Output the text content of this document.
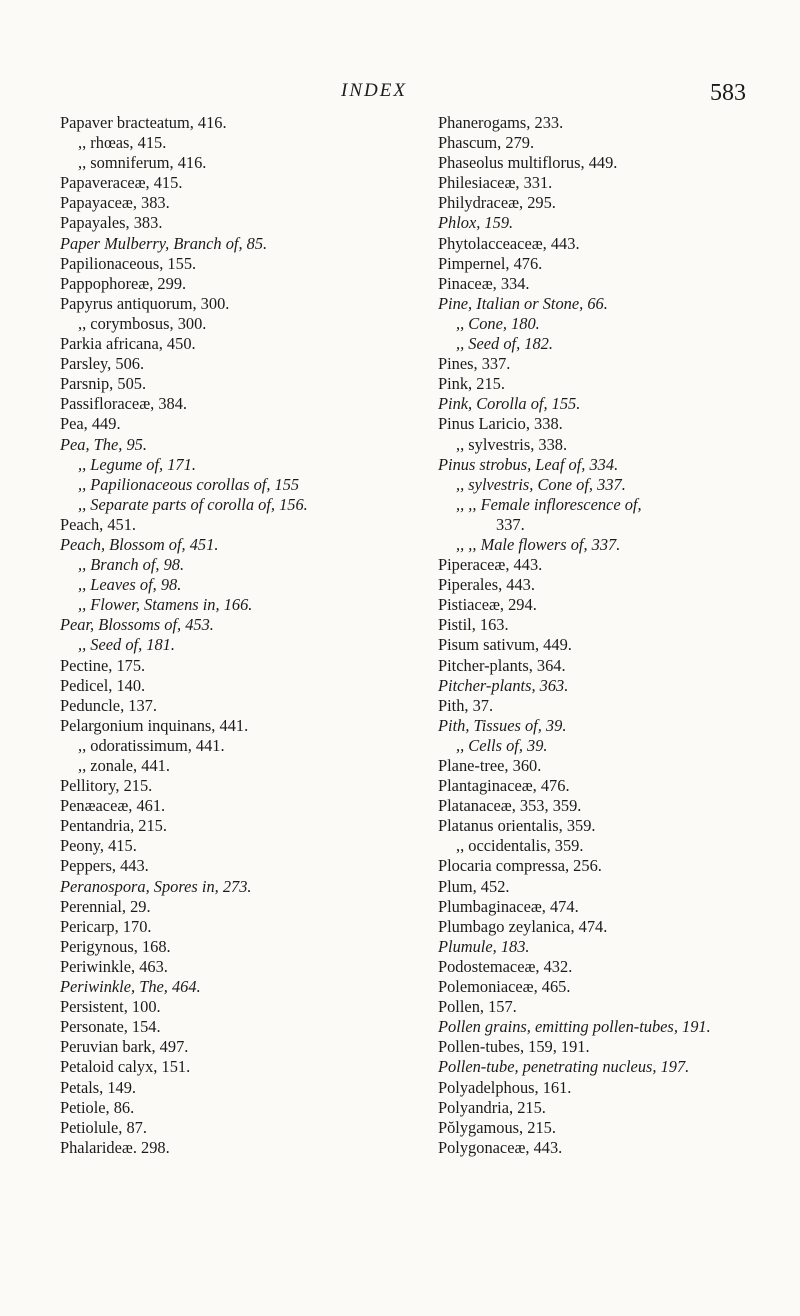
INDEX	583
Papaver bracteatum, 416.
,, rhœas, 415.
,, somniferum, 416.
Papaveraceæ, 415.
Papayaceæ, 383.
Papayales, 383.
Paper Mulberry, Branch of, 85.
Papilionaceous, 155.
Pappophoreæ, 299.
Papyrus antiquorum, 300.
,, corymbosus, 300.
Parkia africana, 450.
Parsley, 506.
Parsnip, 505.
Passifloraceæ, 384.
Pea, 449.
Pea, The, 95.
,, Legume of, 171.
,, Papilionaceous corollas of, 155
,, Separate parts of corolla of, 156.
Peach, 451.
Peach, Blossom of, 451.
,, Branch of, 98.
,, Leaves of, 98.
,, Flower, Stamens in, 166.
Pear, Blossoms of, 453.
,, Seed of, 181.
Pectine, 175.
Pedicel, 140.
Peduncle, 137.
Pelargonium inquinans, 441.
,, odoratissimum, 441.
,, zonale, 441.
Pellitory, 215.
Penæaceæ, 461.
Pentandria, 215.
Peony, 415.
Peppers, 443.
Peranospora, Spores in, 273.
Perennial, 29.
Pericarp, 170.
Perigynous, 168.
Periwinkle, 463.
Periwinkle, The, 464.
Persistent, 100.
Personate, 154.
Peruvian bark, 497.
Petaloid calyx, 151.
Petals, 149.
Petiole, 86.
Petiolule, 87.
Phalarideæ. 298.
Phanerogams, 233.
Phascum, 279.
Phaseolus multiflorus, 449.
Philesiaceæ, 331.
Philydraceæ, 295.
Phlox, 159.
Phytolacceaceæ, 443.
Pimpernel, 476.
Pinaceæ, 334.
Pine, Italian or Stone, 66.
,, Cone, 180.
,, Seed of, 182.
Pines, 337.
Pink, 215.
Pink, Corolla of, 155.
Pinus Laricio, 338.
,, sylvestris, 338.
Pinus strobus, Leaf of, 334.
,, sylvestris, Cone of, 337.
,, ,, Female inflorescence of,
337.
,, ,, Male flowers of, 337.
Piperaceæ, 443.
Piperales, 443.
Pistiaceæ, 294.
Pistil, 163.
Pisum sativum, 449.
Pitcher-plants, 364.
Pitcher-plants, 363.
Pith, 37.
Pith, Tissues of, 39.
,, Cells of, 39.
Plane-tree, 360.
Plantaginaceæ, 476.
Platanaceæ, 353, 359.
Platanus orientalis, 359.
,, occidentalis, 359.
Plocaria compressa, 256.
Plum, 452.
Plumbaginaceæ, 474.
Plumbago zeylanica, 474.
Plumule, 183.
Podostemaceæ, 432.
Polemoniaceæ, 465.
Pollen, 157.
Pollen grains, emitting pollen-tubes, 191.
Pollen-tubes, 159, 191.
Pollen-tube, penetrating nucleus, 197.
Polyadelphous, 161.
Polyandria, 215.
Pŏlygamous, 215.
Polygonaceæ, 443.
